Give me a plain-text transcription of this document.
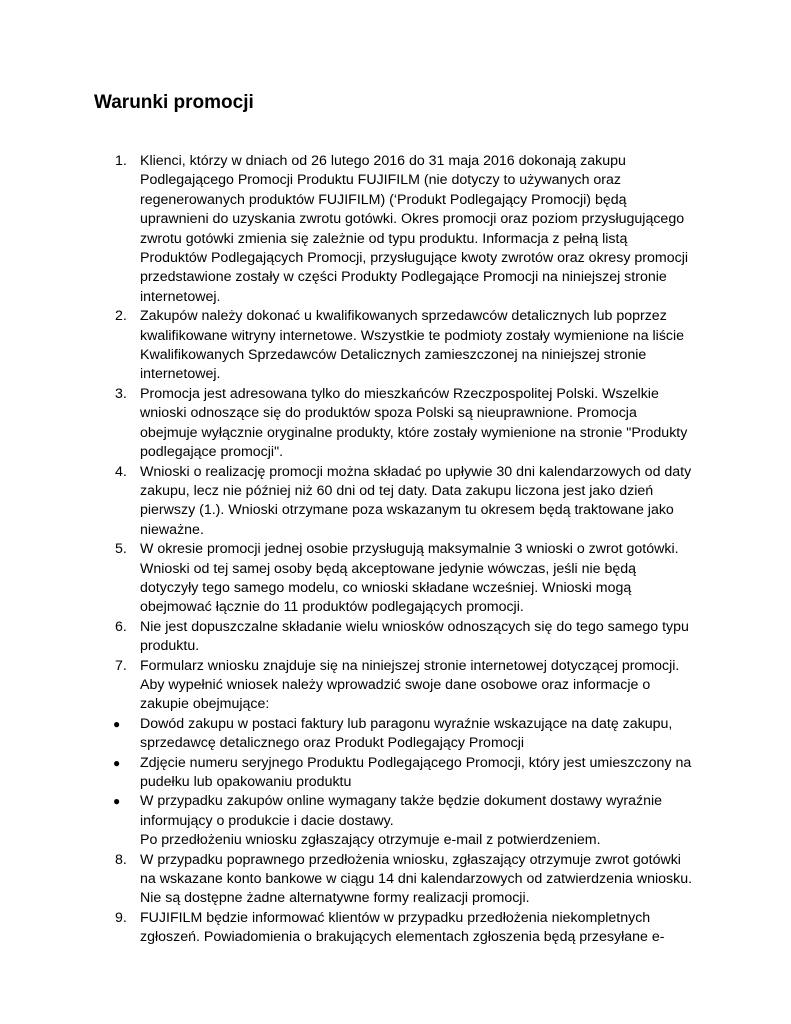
Warunki promocji
1. Klienci, którzy w dniach od 26 lutego 2016 do 31 maja 2016 dokonają zakupu
Podlegającego Promocji Produktu FUJIFILM (nie dotyczy to używanych oraz
regenerowanych produktów FUJIFILM) (‘Produkt Podlegający Promocji) będą
uprawnieni do uzyskania zwrotu gotówki. Okres promocji oraz poziom przysługującego
zwrotu gotówki zmienia się zależnie od typu produktu. Informacja z pełną listą
Produktów Podlegających Promocji, przysługujące kwoty zwrotów oraz okresy promocji
przedstawione zostały w części Produkty Podlegające Promocji na niniejszej stronie
internetowej.
2. Zakupów należy dokonać u kwalifikowanych sprzedawców detalicznych lub poprzez
kwalifikowane witryny internetowe. Wszystkie te podmioty zostały wymienione na liście
Kwalifikowanych Sprzedawców Detalicznych zamieszczonej na niniejszej stronie
internetowej.
3. Promocja jest adresowana tylko do mieszkańców Rzeczpospolitej Polski. Wszelkie
wnioski odnoszące się do produktów spoza Polski są nieuprawnione. Promocja
obejmuje wyłącznie oryginalne produkty, które zostały wymienione na stronie "Produkty
podlegające promocji".
4. Wnioski o realizację promocji można składać po upływie 30 dni kalendarzowych od daty
zakupu, lecz nie później niż 60 dni od tej daty. Data zakupu liczona jest jako dzień
pierwszy (1.). Wnioski otrzymane poza wskazanym tu okresem będą traktowane jako
nieważne.
5. W okresie promocji jednej osobie przysługują maksymalnie 3 wnioski o zwrot gotówki.
Wnioski od tej samej osoby będą akceptowane jedynie wówczas, jeśli nie będą
dotyczyły tego samego modelu, co wnioski składane wcześniej. Wnioski mogą
obejmować łącznie do 11 produktów podlegających promocji.
6. Nie jest dopuszczalne składanie wielu wniosków odnoszących się do tego samego typu
produktu.
7. Formularz wniosku znajduje się na niniejszej stronie internetowej dotyczącej promocji.
Aby wypełnić wniosek należy wprowadzić swoje dane osobowe oraz informacje o
zakupie obejmujące:
●	Dowód zakupu w postaci faktury lub paragonu wyraźnie wskazujące na datę zakupu,
sprzedawcę detalicznego oraz Produkt Podlegający Promocji
●	Zdjęcie numeru seryjnego Produktu Podlegającego Promocji, który jest umieszczony na
pudełku lub opakowaniu produktu
●	W przypadku zakupów online wymagany także będzie dokument dostawy wyraźnie
informujący o produkcie i dacie dostawy.
Po przedłożeniu wniosku zgłaszający otrzymuje e-mail z potwierdzeniem.
8. W przypadku poprawnego przedłożenia wniosku, zgłaszający otrzymuje zwrot gotówki
na wskazane konto bankowe w ciągu 14 dni kalendarzowych od zatwierdzenia wniosku.
Nie są dostępne żadne alternatywne formy realizacji promocji.
9. FUJIFILM będzie informować klientów w przypadku przedłożenia niekompletnych
zgłoszeń. Powiadomienia o brakujących elementach zgłoszenia będą przesyłane e-
